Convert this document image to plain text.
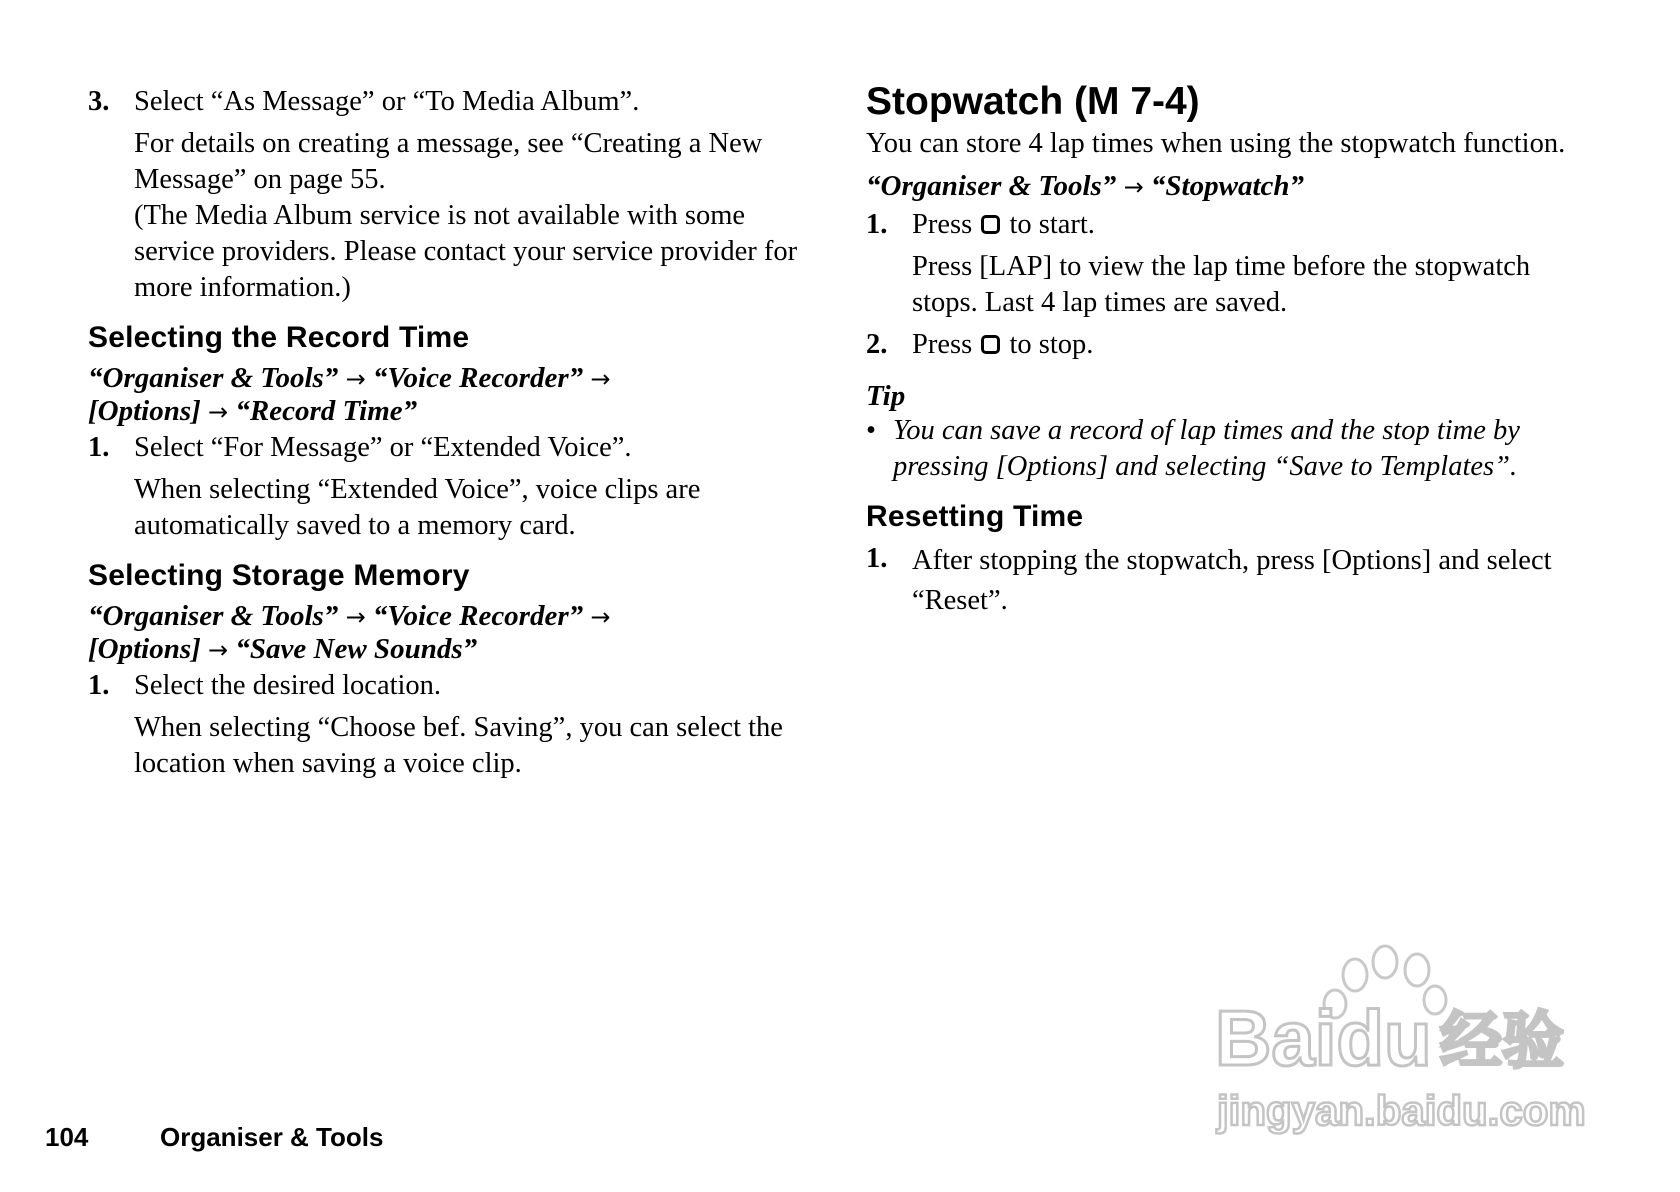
3. Select “As Message” or “To Media Album”.

For details on creating a message, see “Creating a New Message” on page 55.

(The Media Album service is not available with some service providers. Please contact your service provider for more information.)

Selecting the Record Time

“Organiser & Tools” → “Voice Recorder” →
[Options] → “Record Time”

1. Select “For Message” or “Extended Voice”.

When selecting “Extended Voice”, voice clips are automatically saved to a memory card.

Selecting Storage Memory

“Organiser & Tools” → “Voice Recorder” →
[Options] → “Save New Sounds”

1. Select the desired location.

When selecting “Choose bef. Saving”, you can select the location when saving a voice clip.

Stopwatch (M 7-4)

You can store 4 lap times when using the stopwatch function.

“Organiser & Tools” → “Stopwatch”

1. Press to start.

Press [LAP] to view the lap time before the stopwatch stops. Last 4 lap times are saved.

2. Press to stop.

Tip

• You can save a record of lap times and the stop time by pressing [Options] and selecting “Save to Templates”.
Resetting Time
1. After stopping the stopwatch, press [Options] and select “Reset”.
104	Organiser & Tools
Baidu 经验
jingyan.baidu.com
